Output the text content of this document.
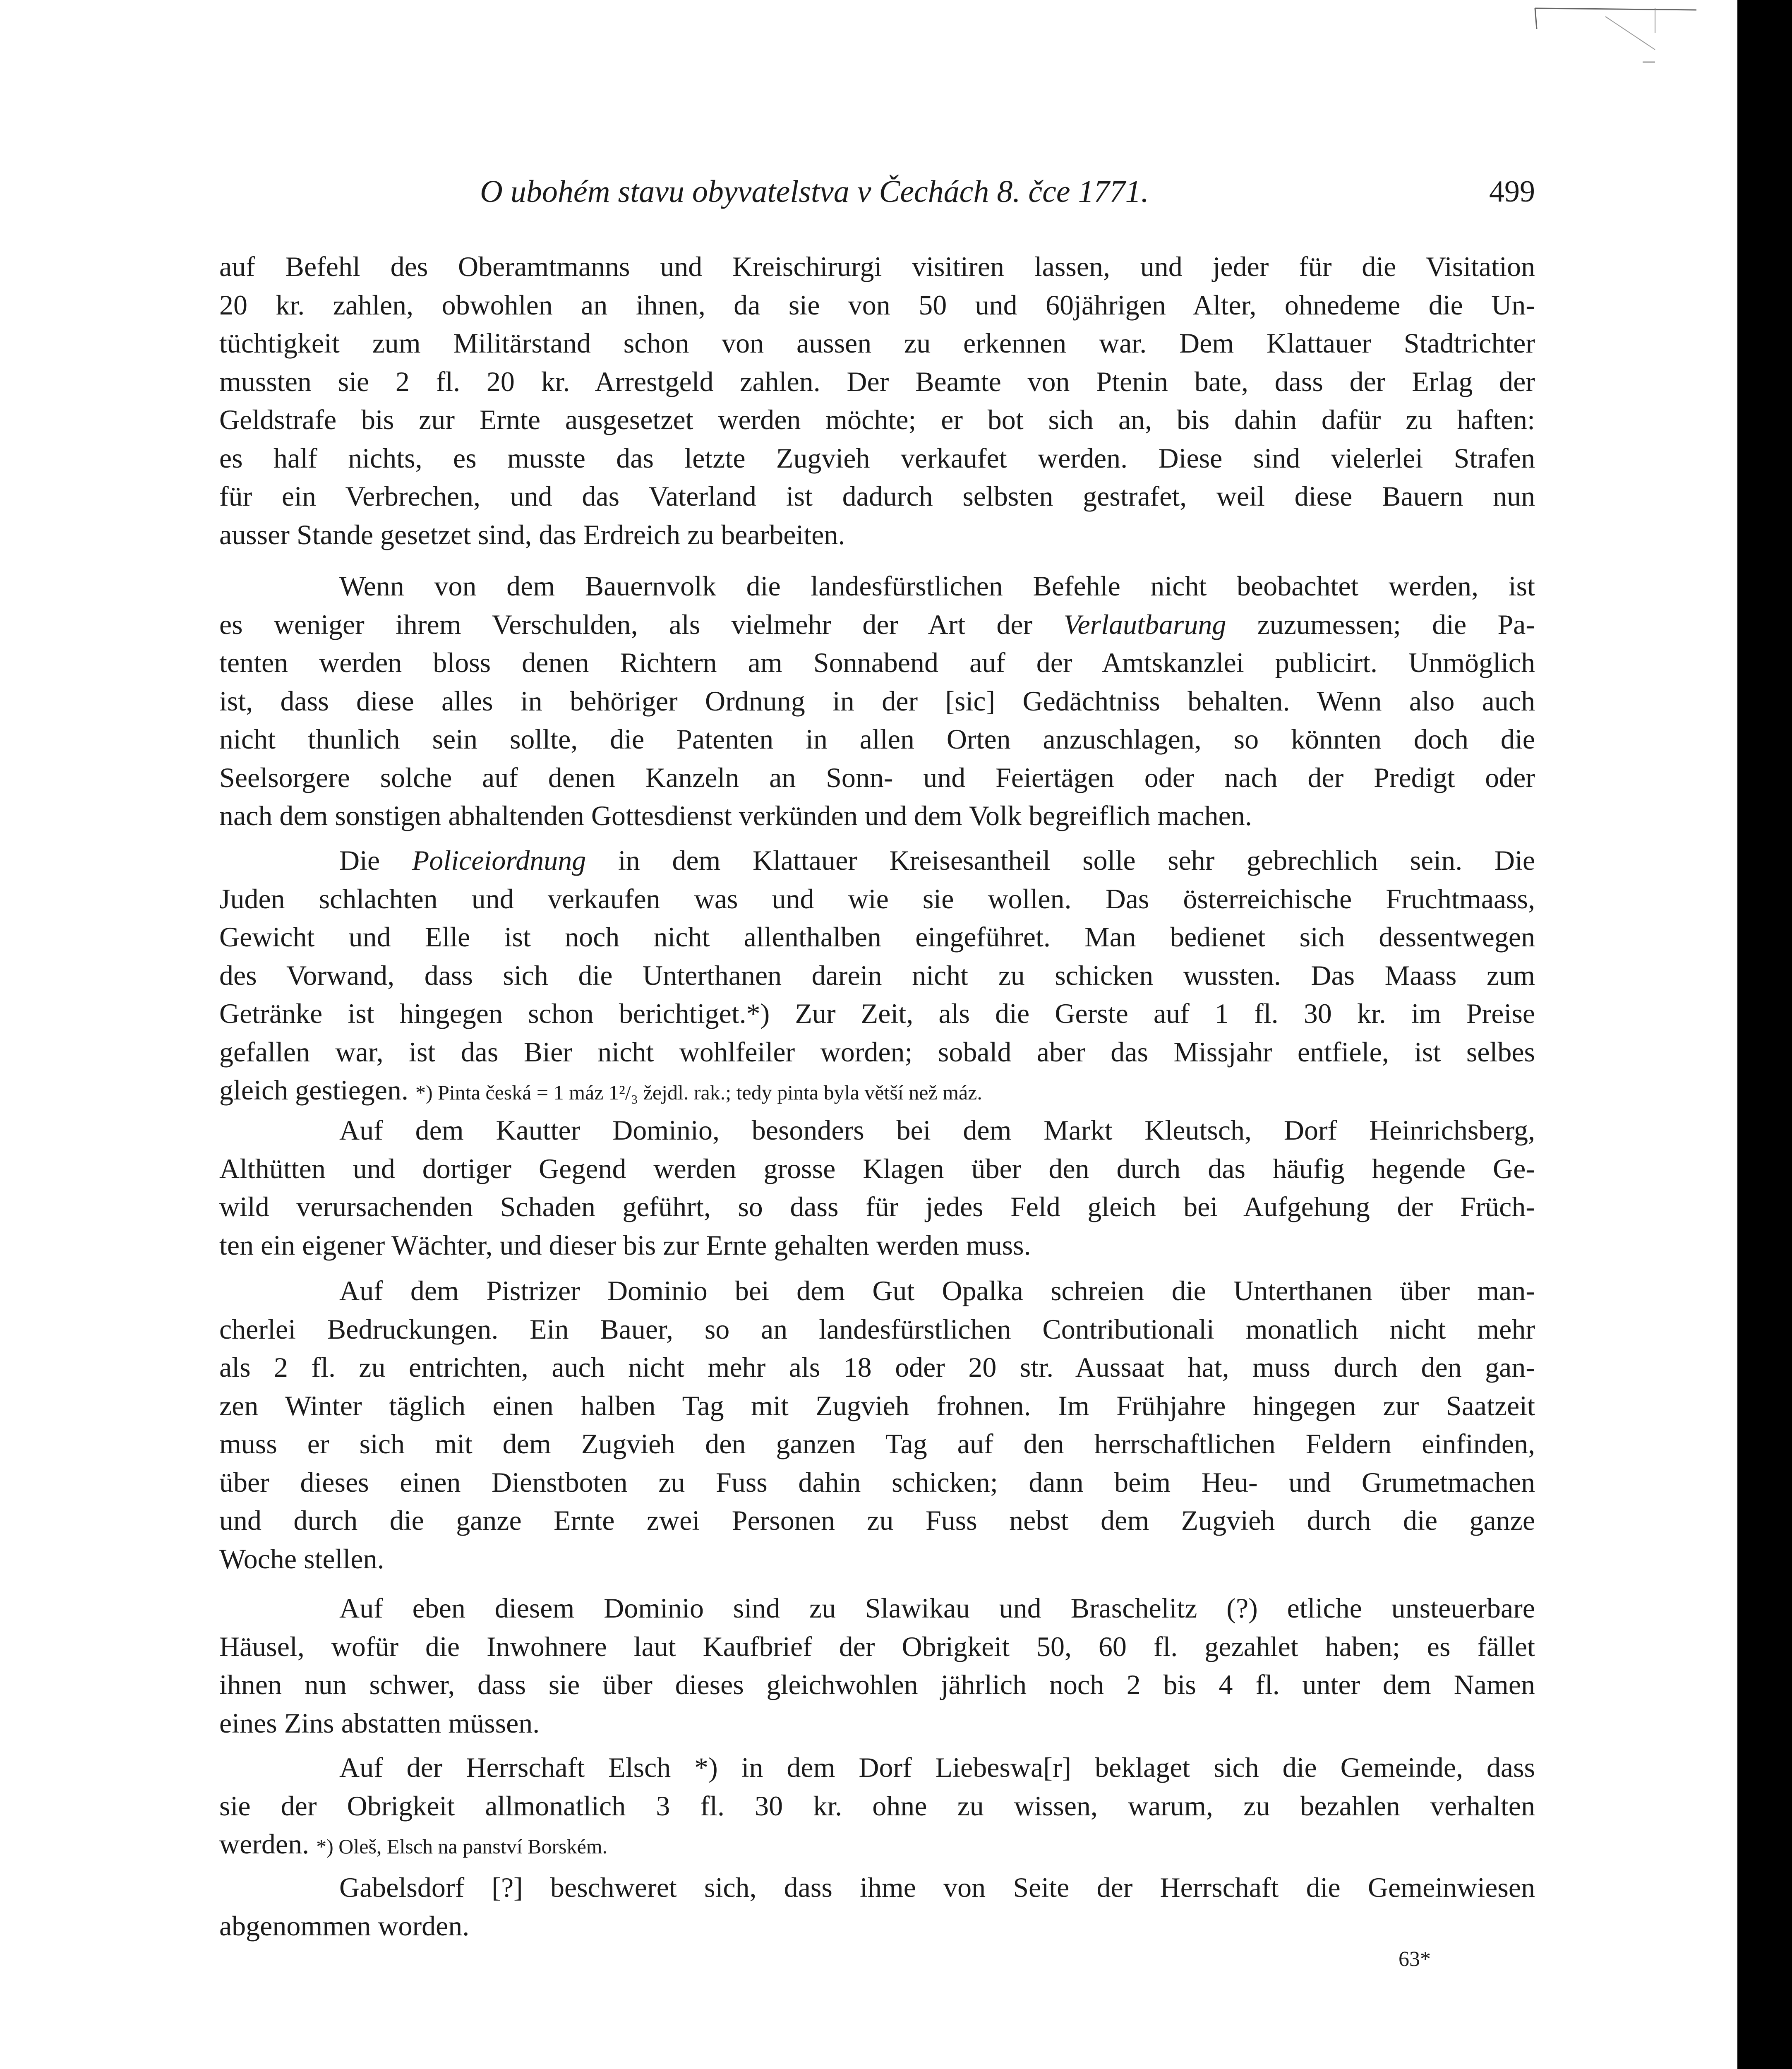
O ubohém stavu obyvatelstva v Čechách 8. čce 1771.	499
auf Befehl des Oberamtmanns und Kreischirurgi visitiren lassen, und jeder für die Visitation
20 kr. zahlen, obwohlen an ihnen, da sie von 50 und 60jährigen Alter, ohnedeme die Un-
tüchtigkeit zum Militärstand schon von aussen zu erkennen war. Dem Klattauer Stadtrichter
mussten sie 2 fl. 20 kr. Arrestgeld zahlen. Der Beamte von Ptenin bate, dass der Erlag der
Geldstrafe bis zur Ernte ausgesetzet werden möchte; er bot sich an, bis dahin dafür zu haften:
es half nichts, es musste das letzte Zugvieh verkaufet werden. Diese sind vielerlei Strafen
für ein Verbrechen, und das Vaterland ist dadurch selbsten gestrafet, weil diese Bauern nun
ausser Stande gesetzet sind, das Erdreich zu bearbeiten.
Wenn von dem Bauernvolk die landesfürstlichen Befehle nicht beobachtet werden, ist
es weniger ihrem Verschulden, als vielmehr der Art der Verlautbarung zuzumessen; die Pa-
tenten werden bloss denen Richtern am Sonnabend auf der Amtskanzlei publicirt. Unmöglich
ist, dass diese alles in behöriger Ordnung in der [sic] Gedächtniss behalten. Wenn also auch
nicht thunlich sein sollte, die Patenten in allen Orten anzuschlagen, so könnten doch die
Seelsorgere solche auf denen Kanzeln an Sonn- und Feiertägen oder nach der Predigt oder
nach dem sonstigen abhaltenden Gottesdienst verkünden und dem Volk begreiflich machen.
Die Policeiordnung in dem Klattauer Kreisesantheil solle sehr gebrechlich sein. Die
Juden schlachten und verkaufen was und wie sie wollen. Das österreichische Fruchtmaass,
Gewicht und Elle ist noch nicht allenthalben eingeführet. Man bedienet sich dessentwegen
des Vorwand, dass sich die Unterthanen darein nicht zu schicken wussten. Das Maass zum
Getränke ist hingegen schon berichtiget.*) Zur Zeit, als die Gerste auf 1 fl. 30 kr. im Preise
gefallen war, ist das Bier nicht wohlfeiler worden; sobald aber das Missjahr entfiele, ist selbes
gleich gestiegen. *) Pinta česká = 1 máz 1²/₃ žejdl. rak.; tedy pinta byla větší než máz.
Auf dem Kautter Dominio, besonders bei dem Markt Kleutsch, Dorf Heinrichsberg,
Althütten und dortiger Gegend werden grosse Klagen über den durch das häufig hegende Ge-
wild verursachenden Schaden geführt, so dass für jedes Feld gleich bei Aufgehung der Früch-
ten ein eigener Wächter, und dieser bis zur Ernte gehalten werden muss.
Auf dem Pistrizer Dominio bei dem Gut Opalka schreien die Unterthanen über man-
cherlei Bedruckungen. Ein Bauer, so an landesfürstlichen Contributionali monatlich nicht mehr
als 2 fl. zu entrichten, auch nicht mehr als 18 oder 20 str. Aussaat hat, muss durch den gan-
zen Winter täglich einen halben Tag mit Zugvieh frohnen. Im Frühjahre hingegen zur Saatzeit
muss er sich mit dem Zugvieh den ganzen Tag auf den herrschaftlichen Feldern einfinden,
über dieses einen Dienstboten zu Fuss dahin schicken; dann beim Heu- und Grumetmachen
und durch die ganze Ernte zwei Personen zu Fuss nebst dem Zugvieh durch die ganze
Woche stellen.
Auf eben diesem Dominio sind zu Slawikau und Braschelitz (?) etliche unsteuerbare
Häusel, wofür die Inwohnere laut Kaufbrief der Obrigkeit 50, 60 fl. gezahlet haben; es fället
ihnen nun schwer, dass sie über dieses gleichwohlen jährlich noch 2 bis 4 fl. unter dem Namen
eines Zins abstatten müssen.
Auf der Herrschaft Elsch *) in dem Dorf Liebeswa[r] beklaget sich die Gemeinde, dass
sie der Obrigkeit allmonatlich 3 fl. 30 kr. ohne zu wissen, warum, zu bezahlen verhalten
werden. *) Oleš, Elsch na panství Borském.
Gabelsdorf [?] beschweret sich, dass ihme von Seite der Herrschaft die Gemeinwiesen
abgenommen worden.
63*
